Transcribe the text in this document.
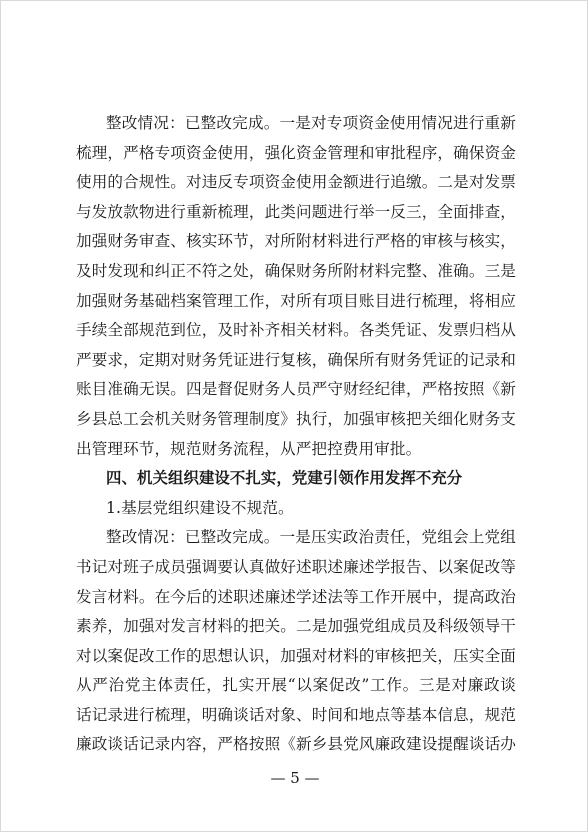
整改情况：已整改完成。一是对专项资金使用情况进行重新
梳理，严格专项资金使用，强化资金管理和审批程序，确保资金
使用的合规性。对违反专项资金使用金额进行追缴。二是对发票
与发放款物进行重新梳理，此类问题进行举一反三，全面排查，
加强财务审查、核实环节，对所附材料进行严格的审核与核实，
及时发现和纠正不符之处，确保财务所附材料完整、准确。三是
加强财务基础档案管理工作，对所有项目账目进行梳理，将相应
手续全部规范到位，及时补齐相关材料。各类凭证、发票归档从
严要求，定期对财务凭证进行复核，确保所有财务凭证的记录和
账目准确无误。四是督促财务人员严守财经纪律，严格按照《新
乡县总工会机关财务管理制度》执行，加强审核把关细化财务支
出管理环节，规范财务流程，从严把控费用审批。
四、机关组织建设不扎实，党建引领作用发挥不充分
1.基层党组织建设不规范。
整改情况：已整改完成。一是压实政治责任，党组会上党组
书记对班子成员强调要认真做好述职述廉述学报告、以案促改等
发言材料。在今后的述职述廉述学述法等工作开展中，提高政治
素养，加强对发言材料的把关。二是加强党组成员及科级领导干
对以案促改工作的思想认识，加强对材料的审核把关，压实全面
从严治党主体责任，扎实开展“以案促改”工作。三是对廉政谈
话记录进行梳理，明确谈话对象、时间和地点等基本信息，规范
廉政谈话记录内容，严格按照《新乡县党风廉政建设提醒谈话办
— 5 —
